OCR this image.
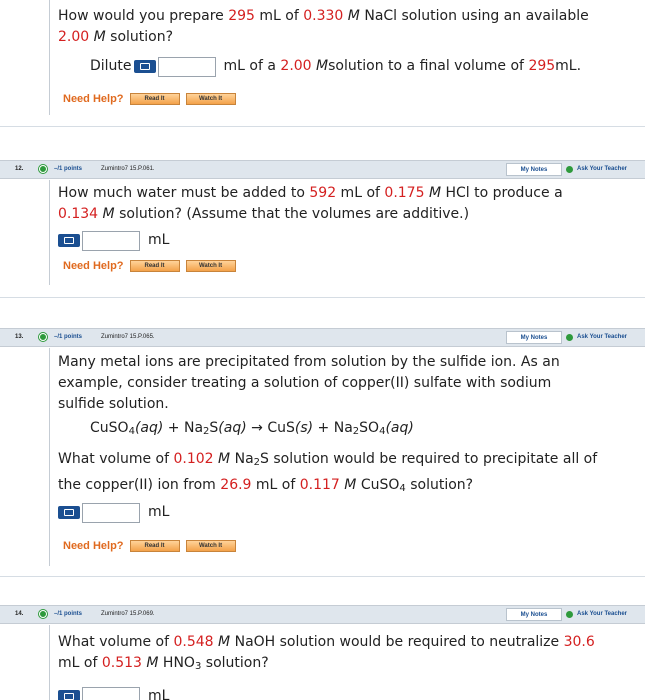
How would you prepare 295 mL of 0.330 M NaCl solution using an available
2.00 M solution?
Dilute	mL of a
2.00
M solution to a final volume of
295 mL.
Need Help?	Read It	Watch It
12.	–/1 points	Zumintro7 15.P.061.	My Notes	Ask Your Teacher
How much water must be added to 592 mL of 0.175 M HCl to produce a
0.134 M solution? (Assume that the volumes are additive.)
mL
Need Help?	Read It	Watch It
13.	–/1 points	Zumintro7 15.P.065.	My Notes	Ask Your Teacher
Many metal ions are precipitated from solution by the sulfide ion. As an
example, consider treating a solution of copper(II) sulfate with sodium
sulfide solution.
CuSO$_4$(aq) + $Na_2S(aq) \to CuS(s) + Na_2SO_4(aq)$
What volume of 0.102 M $Na_2S$ solution would be required to precipitate all of
the copper(II) ion from 26.9 mL of 0.117 M CuSO$_4$ solution?
mL
Need Help?	Read It	Watch It
14.	–/1 points	Zumintro7 15.P.069.	My Notes	Ask Your Teacher
What volume of 0.548 M NaOH solution would be required to neutralize 30.6
mL of 0.513 M $HNO_3$ solution?
mL
